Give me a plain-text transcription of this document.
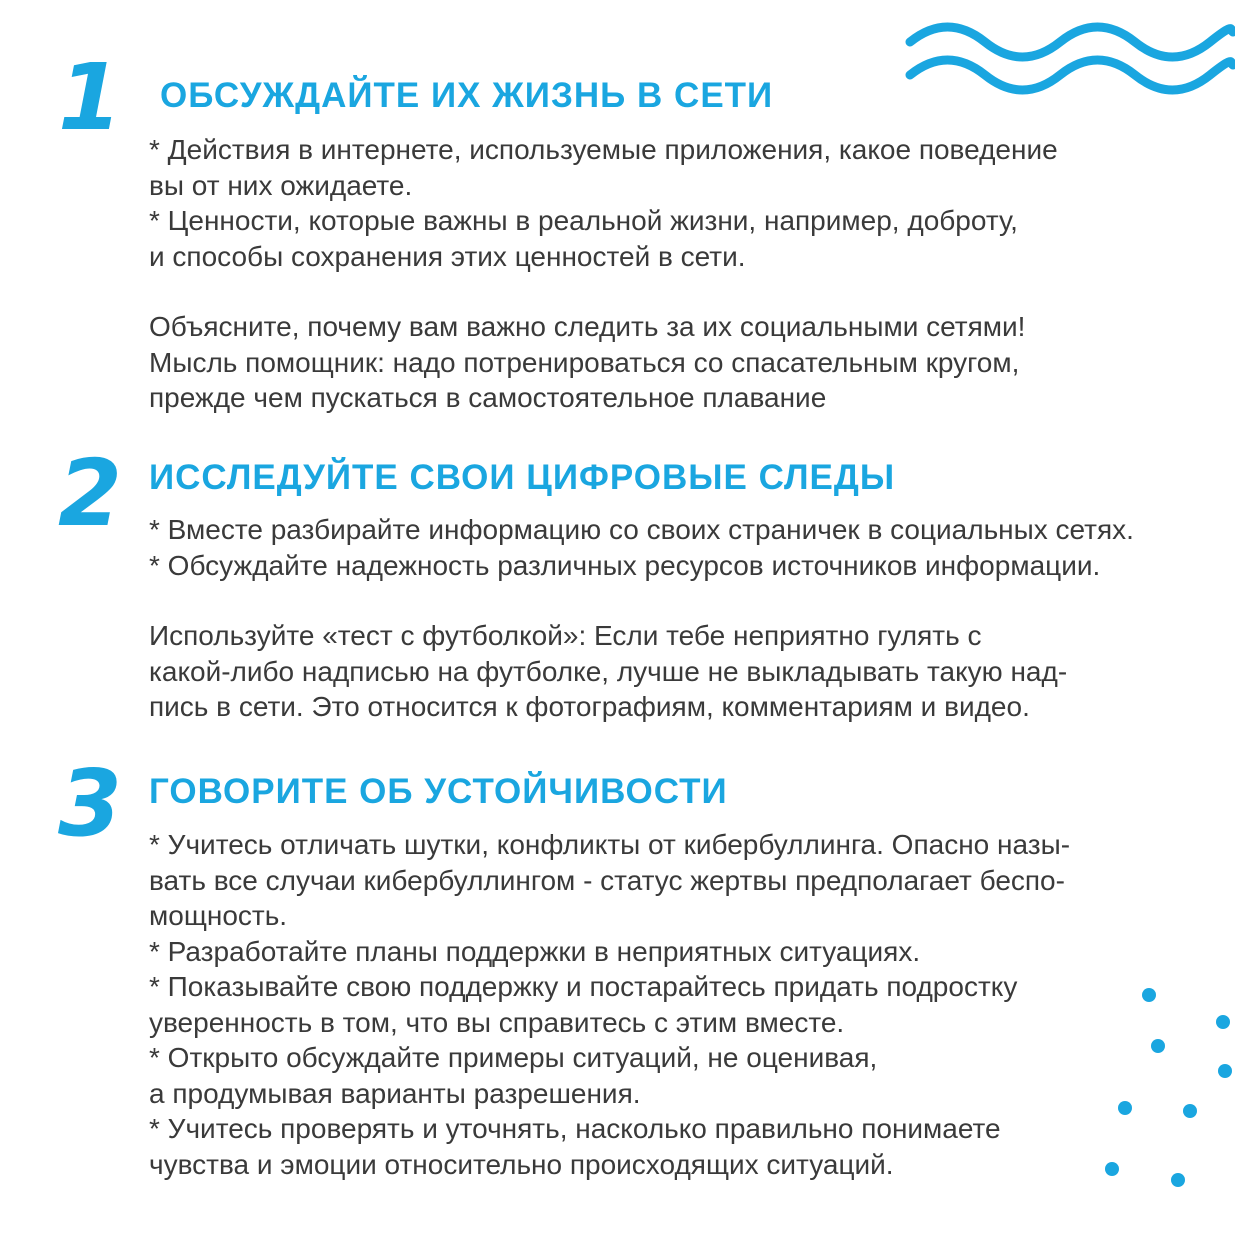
1 ОБСУЖДАЙТЕ ИХ ЖИЗНЬ В СЕТИ

* Действия в интернете, используемые приложения, какое поведение

вы от них ожидаете.

* Ценности, которые важны в реальной жизни, например, доброту,

и способы сохранения этих ценностей в сети.

Объясните, почему вам важно следить за их социальными сетями!

Мысль помощник: надо потренироваться со спасательным кругом,

прежде чем пускаться в самостоятельное плавание

2 ИССЛЕДУЙТЕ СВОИ ЦИФРОВЫЕ СЛЕДЫ

* Вместе разбирайте информацию со своих страничек в социальных сетях.

* Обсуждайте надежность различных ресурсов источников информации.

Используйте «тест с футболкой»: Если тебе неприятно гулять с

какой-либо надписью на футболке, лучше не выкладывать такую над-

пись в сети. Это относится к фотографиям, комментариям и видео.

3 ГОВОРИТЕ ОБ УСТОЙЧИВОСТИ

* Учитесь отличать шутки, конфликты от кибербуллинга. Опасно назы-

вать все случаи кибербуллингом - статус жертвы предполагает беспо-

мощность.

* Разработайте планы поддержки в неприятных ситуациях.

* Показывайте свою поддержку и постарайтесь придать подростку

уверенность в том, что вы справитесь с этим вместе.

* Открыто обсуждайте примеры ситуаций, не оценивая,

а продумывая варианты разрешения.

* Учитесь проверять и уточнять, насколько правильно понимаете

чувства и эмоции относительно происходящих ситуаций.
